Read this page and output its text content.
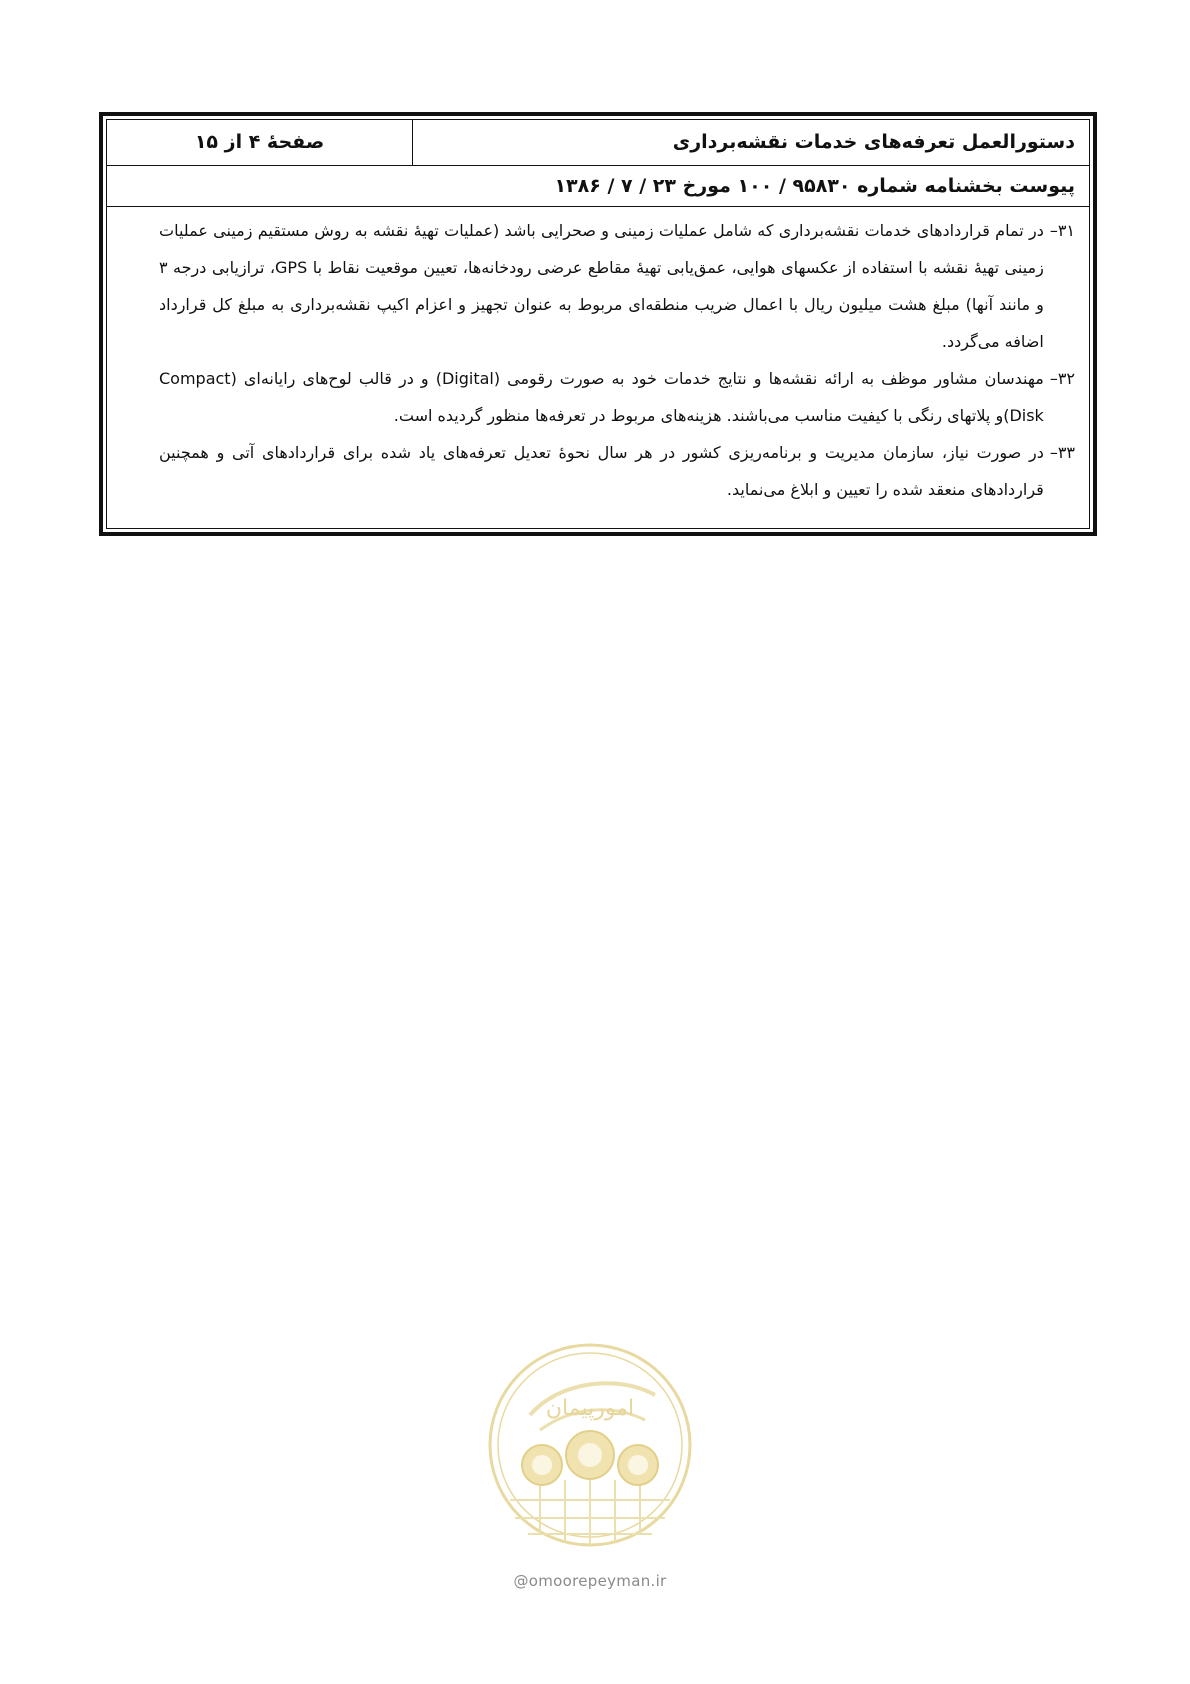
دستورالعمل تعرفه‌های خدمات نقشه‌برداری
صفحهٔ ۴ از ۱۵
پیوست بخشنامه شماره ۹۵۸۳۰ / ۱۰۰ مورخ ۲۳ / ۷ / ۱۳۸۶
۳۱–
در تمام قراردادهای خدمات نقشه‌برداری که شامل عملیات زمینی و صحرایی باشد (عملیات تهیهٔ نقشه به روش مستقیم زمینی عملیات زمینی تهیهٔ نقشه با استفاده از عکسهای هوایی، عمق‌یابی تهیهٔ مقاطع عرضی رودخانه‌ها، تعیین موقعیت نقاط با GPS، ترازیابی درجه ۳ و مانند آنها) مبلغ هشت میلیون ریال با اعمال ضریب منطقه‌ای مربوط به عنوان تجهیز و اعزام اکیپ نقشه‌برداری به مبلغ کل قرارداد اضافه می‌گردد.
۳۲–
مهندسان مشاور موظف به ارائه نقشه‌ها و نتایج خدمات خود به صورت رقومی (Digital) و در قالب لوح‌های رایانه‌ای (Compact Disk)و پلاتهای رنگی با کیفیت مناسب می‌باشند. هزینه‌های مربوط در تعرفه‌ها منظور گردیده است.
۳۳–
در صورت نیاز، سازمان مدیریت و برنامه‌ریزی کشور در هر سال نحوهٔ تعدیل تعرفه‌های یاد شده برای قراردادهای آتی و همچنین قراردادهای منعقد شده را تعیین و ابلاغ می‌نماید.
امورپیمان
@omoorepeyman.ir
